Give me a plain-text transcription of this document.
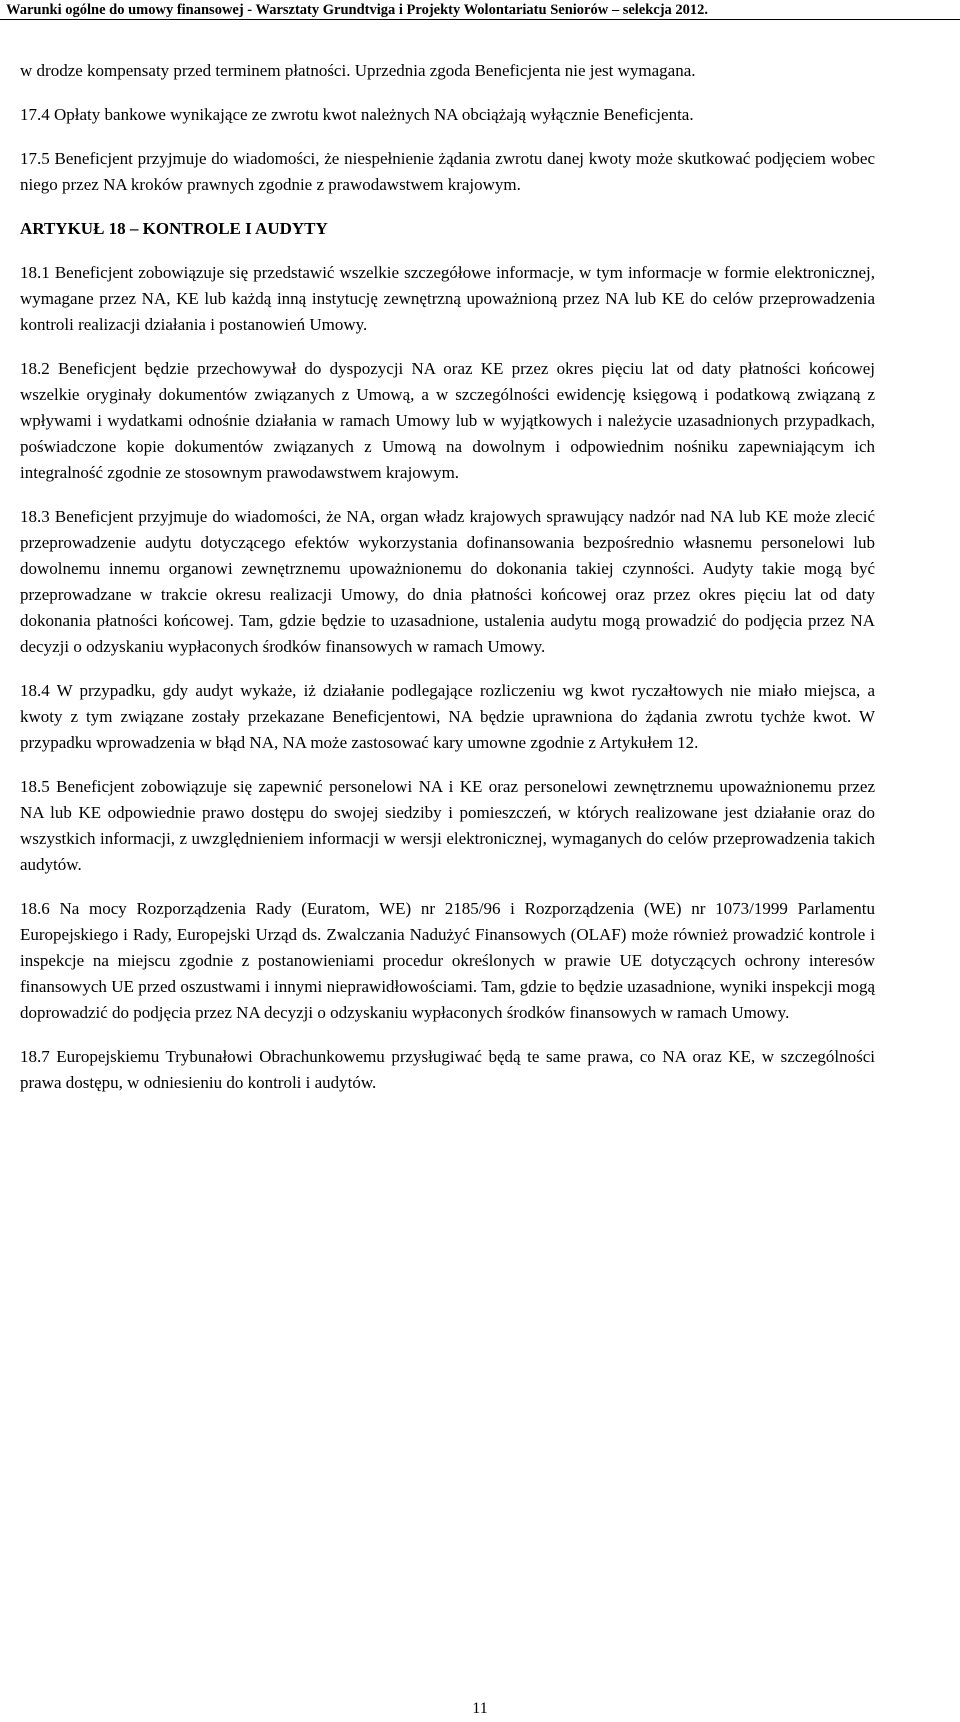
Warunki ogólne do umowy finansowej - Warsztaty Grundtviga i Projekty Wolontariatu Seniorów – selekcja 2012.

w drodze kompensaty przed terminem płatności. Uprzednia zgoda Beneficjenta nie jest wymagana.

17.4 Opłaty bankowe wynikające ze zwrotu kwot należnych NA obciążają wyłącznie Beneficjenta.

17.5 Beneficjent przyjmuje do wiadomości, że niespełnienie żądania zwrotu danej kwoty może skutkować podjęciem wobec niego przez NA kroków prawnych zgodnie z prawodawstwem krajowym.

ARTYKUŁ 18 – KONTROLE I AUDYTY

18.1 Beneficjent zobowiązuje się przedstawić wszelkie szczegółowe informacje, w tym informacje w formie elektronicznej, wymagane przez NA, KE lub każdą inną instytucję zewnętrzną upoważnioną przez NA lub KE do celów przeprowadzenia kontroli realizacji działania i postanowień Umowy.

18.2 Beneficjent będzie przechowywał do dyspozycji NA oraz KE przez okres pięciu lat od daty płatności końcowej wszelkie oryginały dokumentów związanych z Umową, a w szczególności ewidencję księgową i podatkową związaną z wpływami i wydatkami odnośnie działania w ramach Umowy lub w wyjątkowych i należycie uzasadnionych przypadkach, poświadczone kopie dokumentów związanych z Umową na dowolnym i odpowiednim nośniku zapewniającym ich integralność zgodnie ze stosownym prawodawstwem krajowym.

18.3 Beneficjent przyjmuje do wiadomości, że NA, organ władz krajowych sprawujący nadzór nad NA lub KE może zlecić przeprowadzenie audytu dotyczącego efektów wykorzystania dofinansowania bezpośrednio własnemu personelowi lub dowolnemu innemu organowi zewnętrznemu upoważnionemu do dokonania takiej czynności. Audyty takie mogą być przeprowadzane w trakcie okresu realizacji Umowy, do dnia płatności końcowej oraz przez okres pięciu lat od daty dokonania płatności końcowej. Tam, gdzie będzie to uzasadnione, ustalenia audytu mogą prowadzić do podjęcia przez NA decyzji o odzyskaniu wypłaconych środków finansowych w ramach Umowy.

18.4 W przypadku, gdy audyt wykaże, iż działanie podlegające rozliczeniu wg kwot ryczałtowych nie miało miejsca, a kwoty z tym związane zostały przekazane Beneficjentowi, NA będzie uprawniona do żądania zwrotu tychże kwot. W przypadku wprowadzenia w błąd NA, NA może zastosować kary umowne zgodnie z Artykułem 12.

18.5 Beneficjent zobowiązuje się zapewnić personelowi NA i KE oraz personelowi zewnętrznemu upoważnionemu przez NA lub KE odpowiednie prawo dostępu do swojej siedziby i pomieszczeń, w których realizowane jest działanie oraz do wszystkich informacji, z uwzględnieniem informacji w wersji elektronicznej, wymaganych do celów przeprowadzenia takich audytów.

18.6 Na mocy Rozporządzenia Rady (Euratom, WE) nr 2185/96 i Rozporządzenia (WE) nr 1073/1999 Parlamentu Europejskiego i Rady, Europejski Urząd ds. Zwalczania Nadużyć Finansowych (OLAF) może również prowadzić kontrole i inspekcje na miejscu zgodnie z postanowieniami procedur określonych w prawie UE dotyczących ochrony interesów finansowych UE przed oszustwami i innymi nieprawidłowościami. Tam, gdzie to będzie uzasadnione, wyniki inspekcji mogą doprowadzić do podjęcia przez NA decyzji o odzyskaniu wypłaconych środków finansowych w ramach Umowy.

18.7 Europejskiemu Trybunałowi Obrachunkowemu przysługiwać będą te same prawa, co NA oraz KE, w szczególności prawa dostępu, w odniesieniu do kontroli i audytów.

11
